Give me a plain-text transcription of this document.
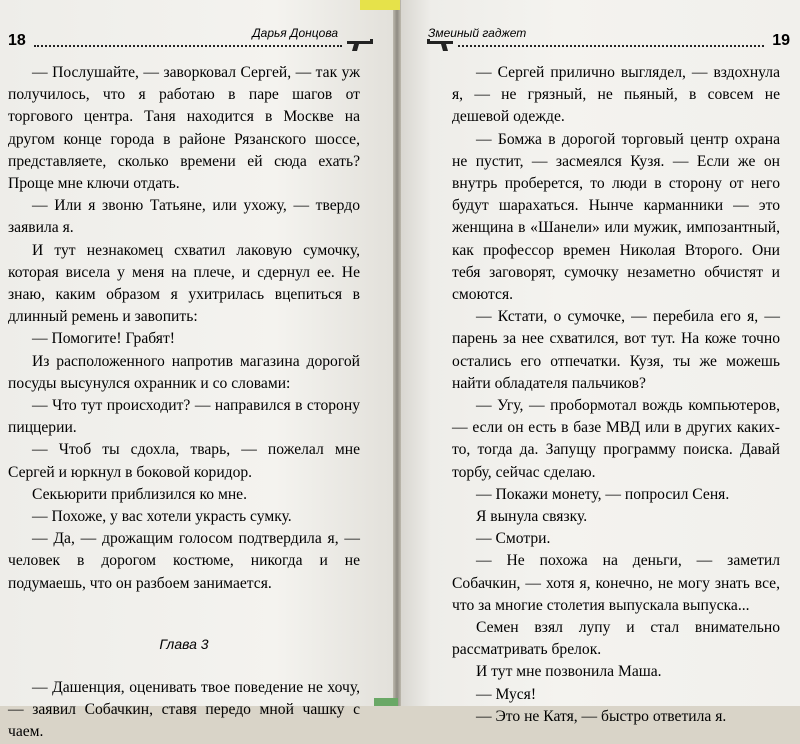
18	Дарья Донцова	Змеиный гаджет	19

— Послушайте, — заворковал Сергей, — так уж получилось, что я работаю в паре шагов от торгового центра. Таня находится в Москве на другом конце города в районе Рязанского шоссе, представляете, сколько времени ей сюда ехать? Проще мне ключи отдать.

— Или я звоню Татьяне, или ухожу, — твердо заявила я.

И тут незнакомец схватил лаковую сумочку, которая висела у меня на плече, и сдернул ее. Не знаю, каким образом я ухитрилась вцепиться в длинный ремень и завопить:

— Помогите! Грабят!

Из расположенного напротив магазина дорогой посуды высунулся охранник и со словами:

— Что тут происходит? — направился в сторону пиццерии.

— Чтоб ты сдохла, тварь, — пожелал мне Сергей и юркнул в боковой коридор.

Секьюрити приблизился ко мне.

— Похоже, у вас хотели украсть сумку.

— Да, — дрожащим голосом подтвердила я, — человек в дорогом костюме, никогда и не подумаешь, что он разбоем занимается.

Глава 3

— Дашенция, оценивать твое поведение не хочу, — заявил Собачкин, ставя передо мной чашку с чаем.

— Сергей прилично выглядел, — вздохнула я, — не грязный, не пьяный, в совсем не дешевой одежде.

— Бомжа в дорогой торговый центр охрана не пустит, — засмеялся Кузя. — Если же он внутрь проберется, то люди в сторону от него будут шарахаться. Нынче карманники — это женщина в «Шанели» или мужик, импозантный, как профессор времен Николая Второго. Они тебя заговорят, сумочку незаметно обчистят и смоются.

— Кстати, о сумочке, — перебила его я, — парень за нее схватился, вот тут. На коже точно остались его отпечатки. Кузя, ты же можешь найти обладателя пальчиков?

— Угу, — пробормотал вождь компьютеров, — если он есть в базе МВД или в других каких-то, тогда да. Запущу программу поиска. Давай торбу, сейчас сделаю.

— Покажи монету, — попросил Сеня.

Я вынула связку.

— Смотри.

— Не похожа на деньги, — заметил Собачкин, — хотя я, конечно, не могу знать все, что за многие столетия выпускала выпуска...

Семен взял лупу и стал внимательно рассматривать брелок.

И тут мне позвонила Маша.

— Муся!

— Это не Катя, — быстро ответила я.
